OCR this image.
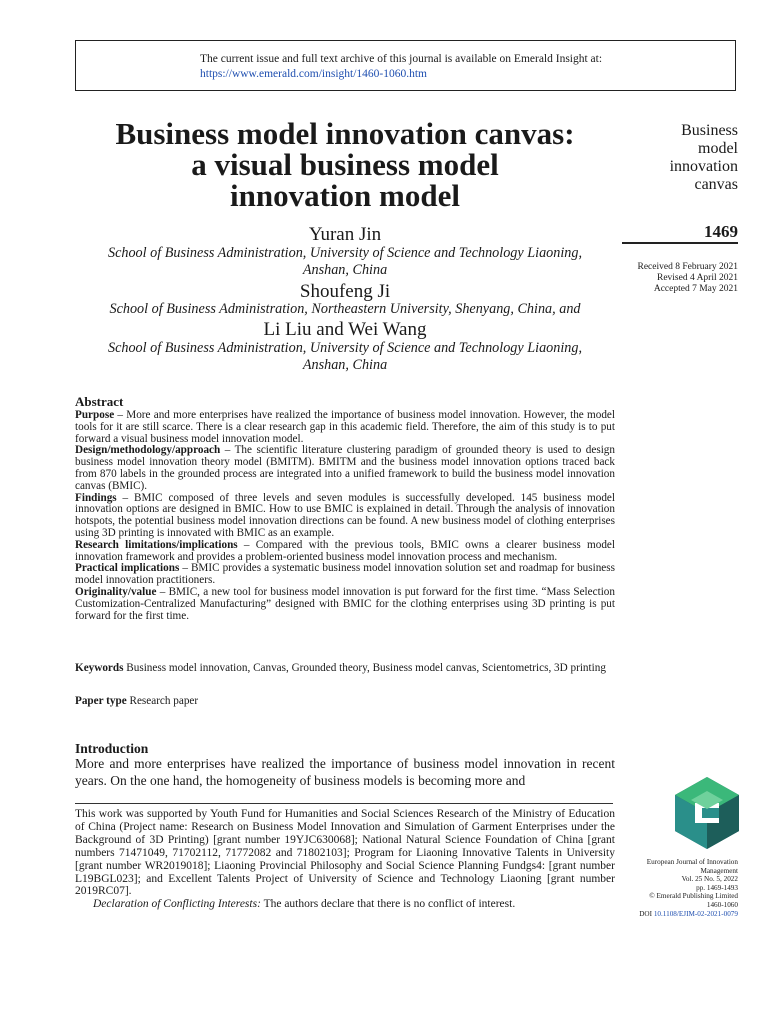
The current issue and full text archive of this journal is available on Emerald Insight at:
https://www.emerald.com/insight/1460-1060.htm
Business model innovation canvas:
a visual business model
innovation model
Yuran Jin
School of Business Administration, University of Science and Technology Liaoning,
Anshan, China
Shoufeng Ji
School of Business Administration, Northeastern University, Shenyang, China, and
Li Liu and Wei Wang
School of Business Administration, University of Science and Technology Liaoning,
Anshan, China
Business
model
innovation
canvas
1469
Received 8 February 2021
Revised 4 April 2021
Accepted 7 May 2021
Abstract

Purpose – More and more enterprises have realized the importance of business model innovation. However, the model tools for it are still scarce. There is a clear research gap in this academic field. Therefore, the aim of this study is to put forward a visual business model innovation model.

Design/methodology/approach – The scientific literature clustering paradigm of grounded theory is used to design business model innovation theory model (BMITM). BMITM and the business model innovation options traced back from 870 labels in the grounded process are integrated into a unified framework to build the business model innovation canvas (BMIC).

Findings – BMIC composed of three levels and seven modules is successfully developed. 145 business model innovation options are designed in BMIC. How to use BMIC is explained in detail. Through the analysis of innovation hotspots, the potential business model innovation directions can be found. A new business model of clothing enterprises using 3D printing is innovated with BMIC as an example.

Research limitations/implications – Compared with the previous tools, BMIC owns a clearer business model innovation framework and provides a problem-oriented business model innovation process and mechanism.

Practical implications – BMIC provides a systematic business model innovation solution set and roadmap for business model innovation practitioners.

Originality/value – BMIC, a new tool for business model innovation is put forward for the first time. “Mass Selection Customization-Centralized Manufacturing” designed with BMIC for the clothing enterprises using 3D printing is put forward for the first time.

Keywords Business model innovation, Canvas, Grounded theory, Business model canvas, Scientometrics, 3D printing
Paper type Research paper
Introduction
More and more enterprises have realized the importance of business model innovation in recent years. On the one hand, the homogeneity of business models is becoming more and

This work was supported by Youth Fund for Humanities and Social Sciences Research of the Ministry of Education of China (Project name: Research on Business Model Innovation and Simulation of Garment Enterprises under the Background of 3D Printing) [grant number 19YJC630068]; National Natural Science Foundation of China [grant numbers 71471049, 71702112, 71772082 and 71802103]; Program for Liaoning Innovative Talents in University [grant number WR2019018]; Liaoning Provincial Philosophy and Social Science Planning Fundgs4: [grant number L19BGL023]; and Excellent Talents Project of University of Science and Technology Liaoning [grant number 2019RC07].

Declaration of Conflicting Interests: The authors declare that there is no conflict of interest.

European Journal of Innovation
Management
Vol. 25 No. 5, 2022
pp. 1469-1493
© Emerald Publishing Limited
1460-1060
DOI 10.1108/EJIM-02-2021-0079
